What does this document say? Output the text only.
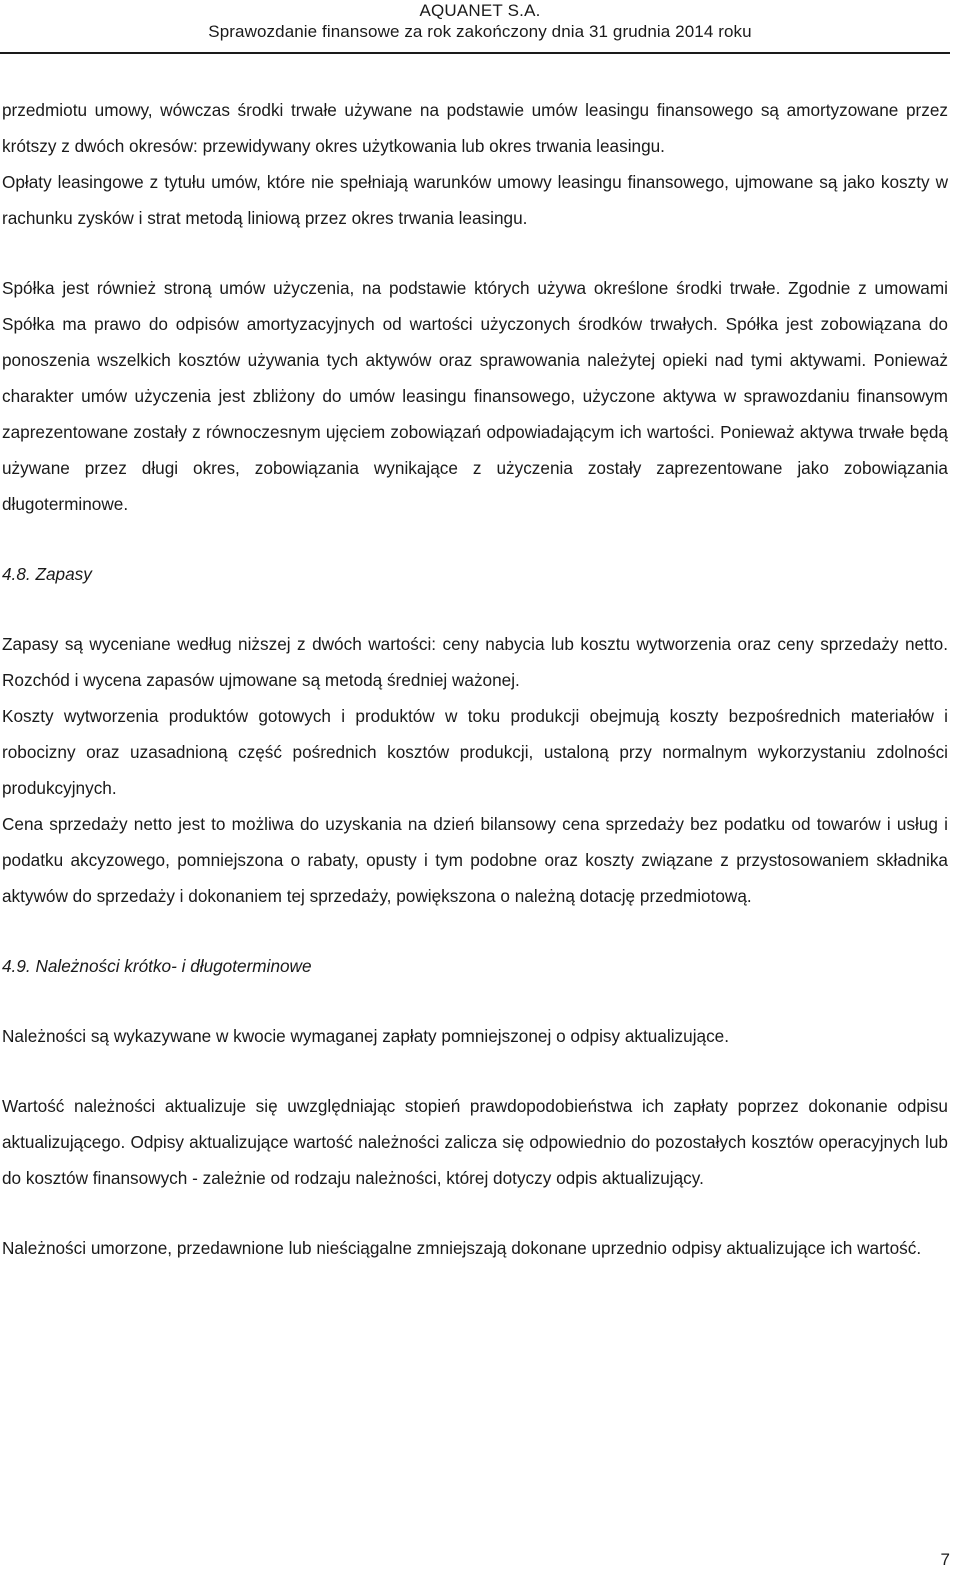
AQUANET S.A.
Sprawozdanie finansowe za rok zakończony dnia 31 grudnia 2014 roku

przedmiotu umowy, wówczas środki trwałe używane na podstawie umów leasingu finansowego są amortyzowane przez krótszy z dwóch okresów: przewidywany okres użytkowania lub okres trwania leasingu.

Opłaty leasingowe z tytułu umów, które nie spełniają warunków umowy leasingu finansowego, ujmowane są jako koszty w rachunku zysków i strat metodą liniową przez okres trwania leasingu.

Spółka jest również stroną umów użyczenia, na podstawie których używa określone środki trwałe. Zgodnie z umowami Spółka ma prawo do odpisów amortyzacyjnych od wartości użyczonych środków trwałych. Spółka jest zobowiązana do ponoszenia wszelkich kosztów używania tych aktywów oraz sprawowania należytej opieki nad tymi aktywami. Ponieważ charakter umów użyczenia jest zbliżony do umów leasingu finansowego, użyczone aktywa w sprawozdaniu finansowym zaprezentowane zostały z równoczesnym ujęciem zobowiązań odpowiadającym ich wartości. Ponieważ aktywa trwałe będą używane przez długi okres, zobowiązania wynikające z użyczenia zostały zaprezentowane jako zobowiązania długoterminowe.

4.8. Zapasy

Zapasy są wyceniane według niższej z dwóch wartości: ceny nabycia lub kosztu wytworzenia oraz ceny sprzedaży netto. Rozchód i wycena zapasów ujmowane są metodą średniej ważonej.

Koszty wytworzenia produktów gotowych i produktów w toku produkcji obejmują koszty bezpośrednich materiałów i robocizny oraz uzasadnioną część pośrednich kosztów produkcji, ustaloną przy normalnym wykorzystaniu zdolności produkcyjnych.

Cena sprzedaży netto jest to możliwa do uzyskania na dzień bilansowy cena sprzedaży bez podatku od towarów i usług i podatku akcyzowego, pomniejszona o rabaty, opusty i tym podobne oraz koszty związane z przystosowaniem składnika aktywów do sprzedaży i dokonaniem tej sprzedaży, powiększona o należną dotację przedmiotową.

4.9. Należności krótko- i długoterminowe

Należności są wykazywane w kwocie wymaganej zapłaty pomniejszonej o odpisy aktualizujące.

Wartość należności aktualizuje się uwzględniając stopień prawdopodobieństwa ich zapłaty poprzez dokonanie odpisu aktualizującego. Odpisy aktualizujące wartość należności zalicza się odpowiednio do pozostałych kosztów operacyjnych lub do kosztów finansowych - zależnie od rodzaju należności, której dotyczy odpis aktualizujący.

Należności umorzone, przedawnione lub nieściągalne zmniejszają dokonane uprzednio odpisy aktualizujące ich wartość.

7
